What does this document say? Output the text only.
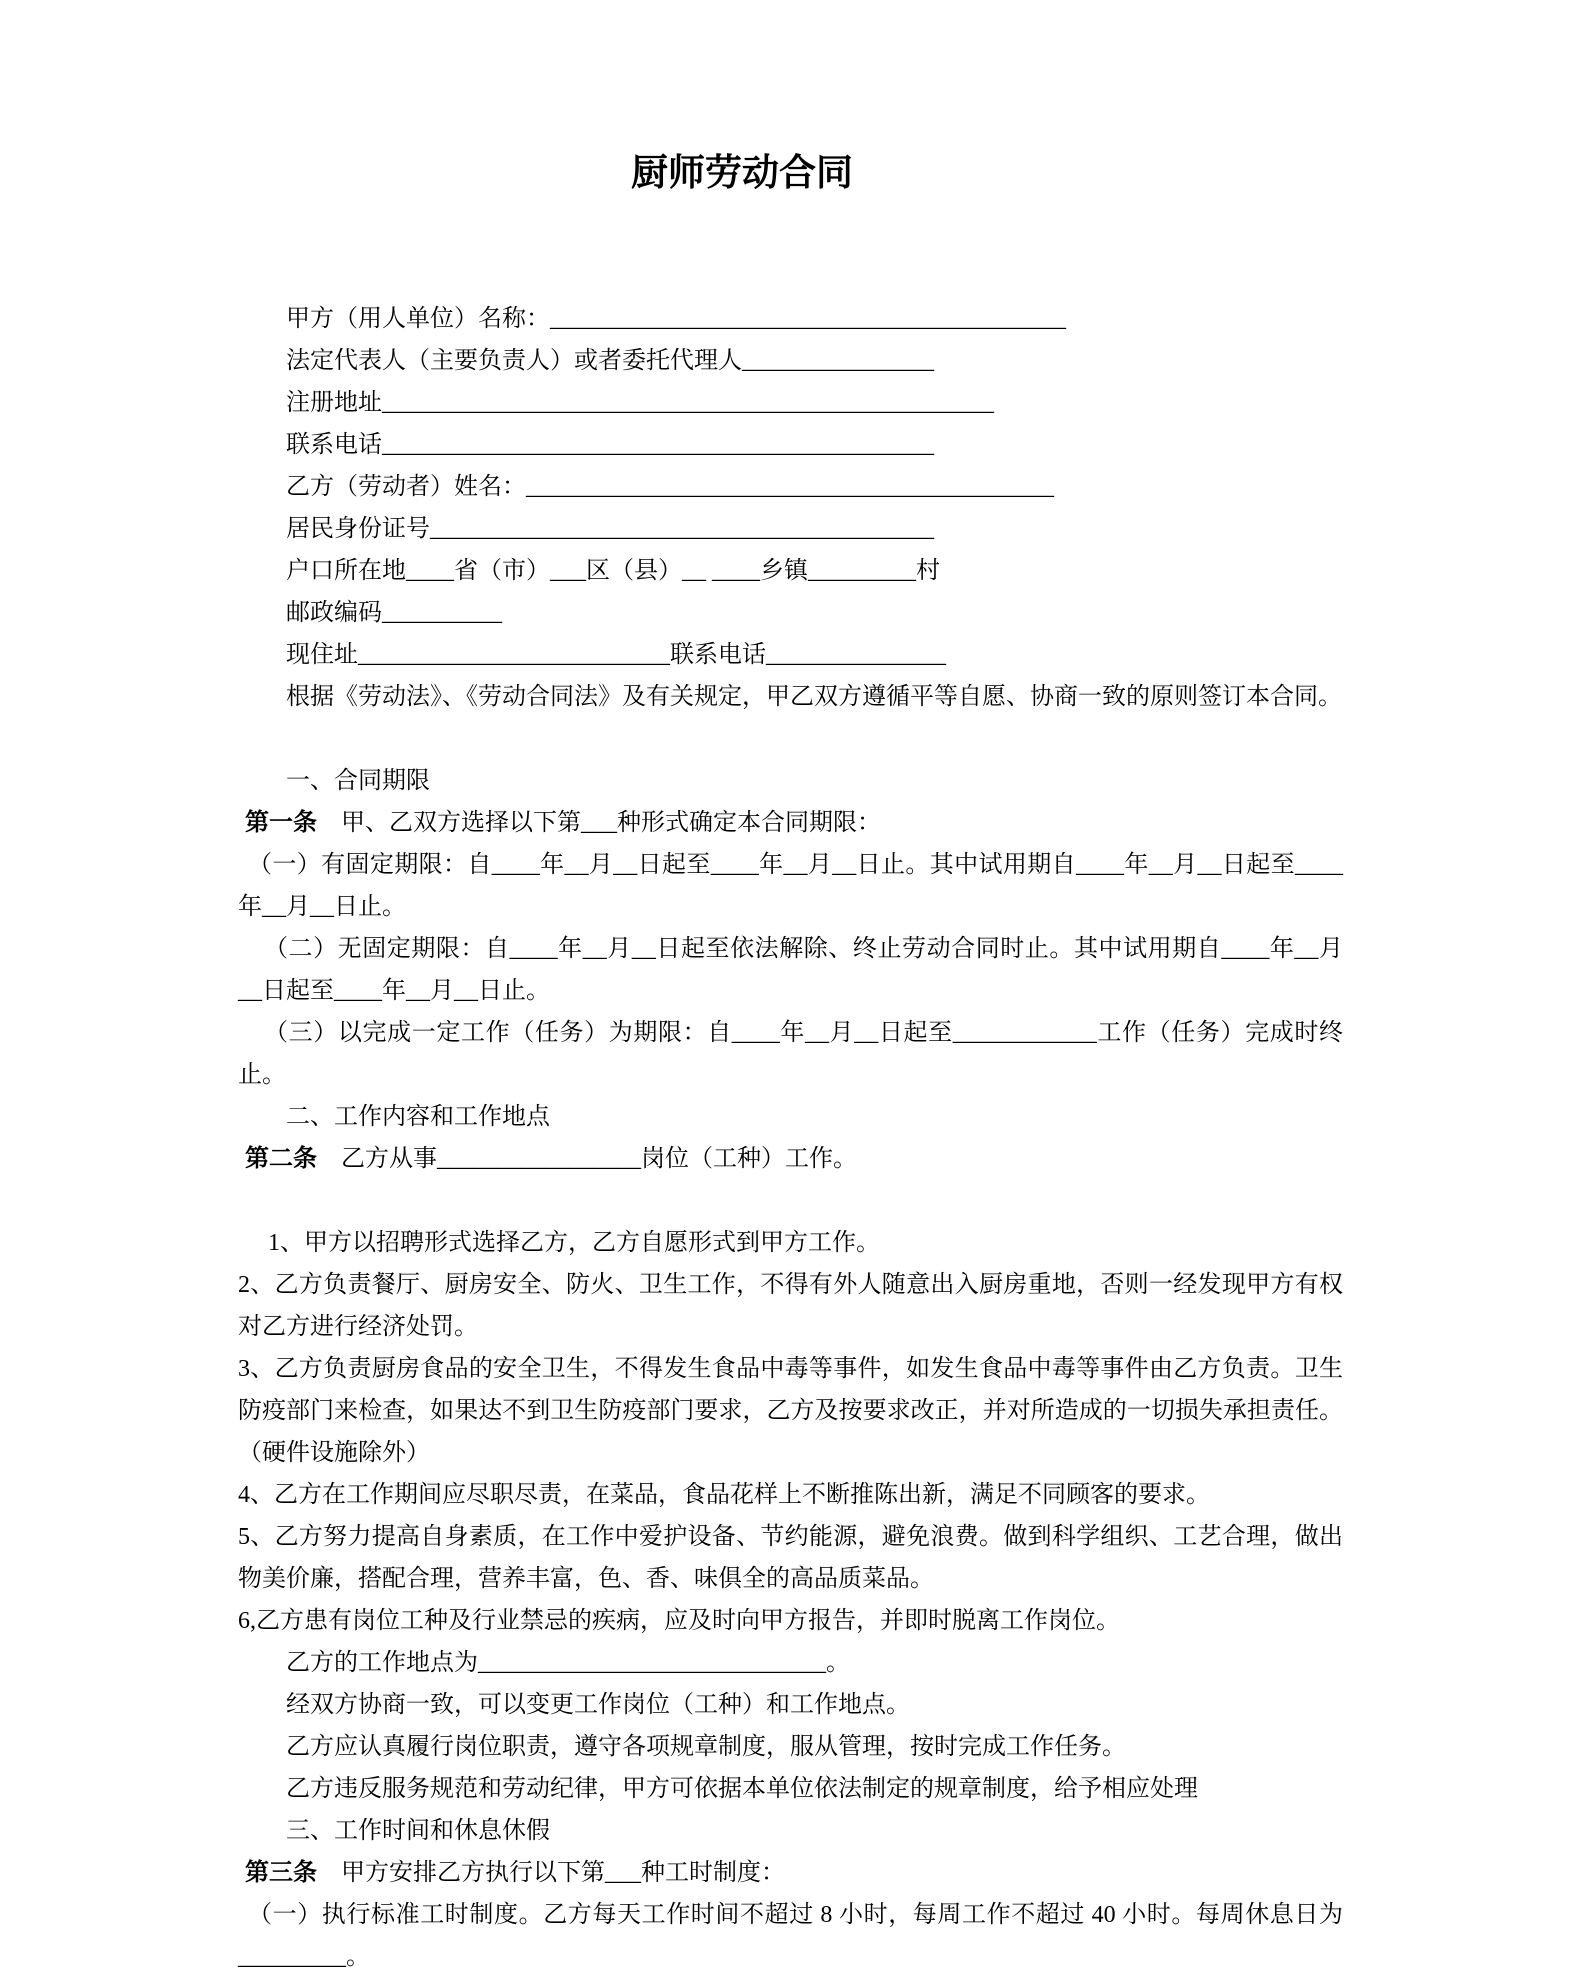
厨师劳动合同

甲方（用人单位）名称：___________________________________________

法定代表人（主要负责人）或者委托代理人________________

注册地址___________________________________________________

联系电话______________________________________________

乙方（劳动者）姓名：____________________________________________

居民身份证号__________________________________________

户口所在地____省（市）___区（县）__ ____乡镇_________村

邮政编码__________

现住址__________________________联系电话_______________

根据《劳动法》、《劳动合同法》及有关规定，甲乙双方遵循平等自愿、协商一致的原则签订本合同。

一、合同期限

第一条　甲、乙双方选择以下第___种形式确定本合同期限：

（一）有固定期限：自____年__月__日起至____年__月__日止。其中试用期自____年__月__日起至____年__月__日止。

（二）无固定期限：自____年__月__日起至依法解除、终止劳动合同时止。其中试用期自____年__月__日起至____年__月__日止。

（三）以完成一定工作（任务）为期限：自____年__月__日起至____________工作（任务）完成时终止。

二、工作内容和工作地点

第二条　乙方从事_________________岗位（工种）工作。

1、甲方以招聘形式选择乙方，乙方自愿形式到甲方工作。

2、乙方负责餐厅、厨房安全、防火、卫生工作，不得有外人随意出入厨房重地，否则一经发现甲方有权对乙方进行经济处罚。

3、乙方负责厨房食品的安全卫生，不得发生食品中毒等事件，如发生食品中毒等事件由乙方负责。卫生防疫部门来检查，如果达不到卫生防疫部门要求，乙方及按要求改正，并对所造成的一切损失承担责任。（硬件设施除外）

4、乙方在工作期间应尽职尽责，在菜品，食品花样上不断推陈出新，满足不同顾客的要求。

5、乙方努力提高自身素质，在工作中爱护设备、节约能源，避免浪费。做到科学组织、工艺合理，做出物美价廉，搭配合理，营养丰富，色、香、味俱全的高品质菜品。

6,乙方患有岗位工种及行业禁忌的疾病，应及时向甲方报告，并即时脱离工作岗位。

乙方的工作地点为_____________________________。

经双方协商一致，可以变更工作岗位（工种）和工作地点。

乙方应认真履行岗位职责，遵守各项规章制度，服从管理，按时完成工作任务。

乙方违反服务规范和劳动纪律，甲方可依据本单位依法制定的规章制度，给予相应处理

三、工作时间和休息休假

第三条　甲方安排乙方执行以下第___种工时制度：

（一）执行标准工时制度。乙方每天工作时间不超过 8 小时，每周工作不超过 40 小时。每周休息日为_________。
